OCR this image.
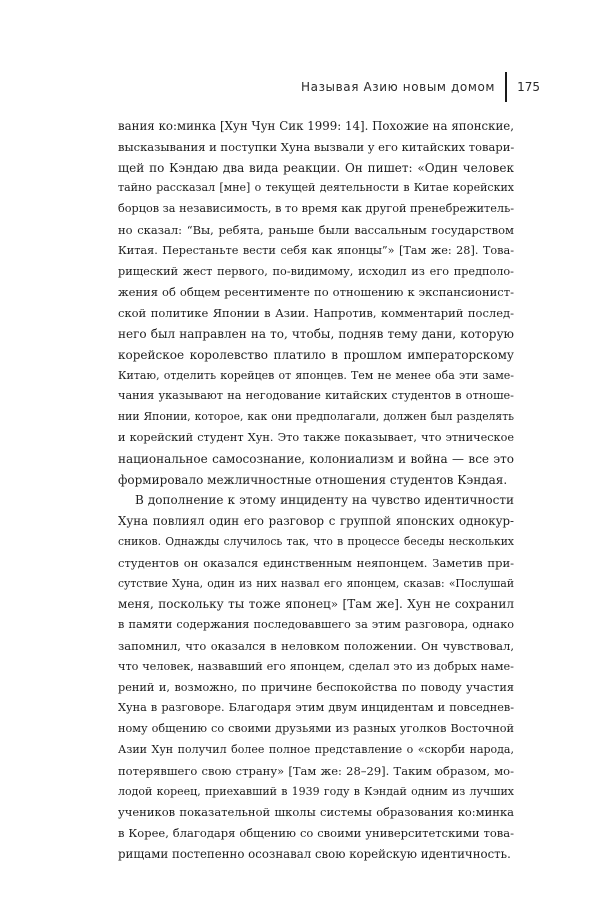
Называя Азию новым домом	175
вания ко:минка [Хун Чун Сик 1999: 14]. Похожие на японские,
высказывания и поступки Хуна вызвали у его китайских товари-
щей по Кэндаю два вида реакции. Он пишет: «Один человек
тайно рассказал [мне] о текущей деятельности в Китае корейских
борцов за независимость, в то время как другой пренебрежитель-
но сказал: “Вы, ребята, раньше были вассальным государством
Китая. Перестаньте вести себя как японцы”» [Там же: 28]. Това-
рищеский жест первого, по-видимому, исходил из его предполо-
жения об общем ресентименте по отношению к экспансионист-
ской политике Японии в Азии. Напротив, комментарий послед-
него был направлен на то, чтобы, подняв тему дани, которую
корейское королевство платило в прошлом императорскому
Китаю, отделить корейцев от японцев. Тем не менее оба эти заме-
чания указывают на негодование китайских студентов в отноше-
нии Японии, которое, как они предполагали, должен был разделять
и корейский студент Хун. Это также показывает, что этническое
национальное самосознание, колониализм и война — все это
формировало межличностные отношения студентов Кэндая.
В дополнение к этому инциденту на чувство идентичности
Хуна повлиял один его разговор с группой японских однокур-
сников. Однажды случилось так, что в процессе беседы нескольких
студентов он оказался единственным неяпонцем. Заметив при-
сутствие Хуна, один из них назвал его японцем, сказав: «Послушай
меня, поскольку ты тоже японец» [Там же]. Хун не сохранил
в памяти содержания последовавшего за этим разговора, однако
запомнил, что оказался в неловком положении. Он чувствовал,
что человек, назвавший его японцем, сделал это из добрых наме-
рений и, возможно, по причине беспокойства по поводу участия
Хуна в разговоре. Благодаря этим двум инцидентам и повседнев-
ному общению со своими друзьями из разных уголков Восточной
Азии Хун получил более полное представление о «скорби народа,
потерявшего свою страну» [Там же: 28–29]. Таким образом, мо-
лодой кореец, приехавший в 1939 году в Кэндай одним из лучших
учеников показательной школы системы образования ко:минка
в Корее, благодаря общению со своими университетскими това-
рищами постепенно осознавал свою корейскую идентичность.
